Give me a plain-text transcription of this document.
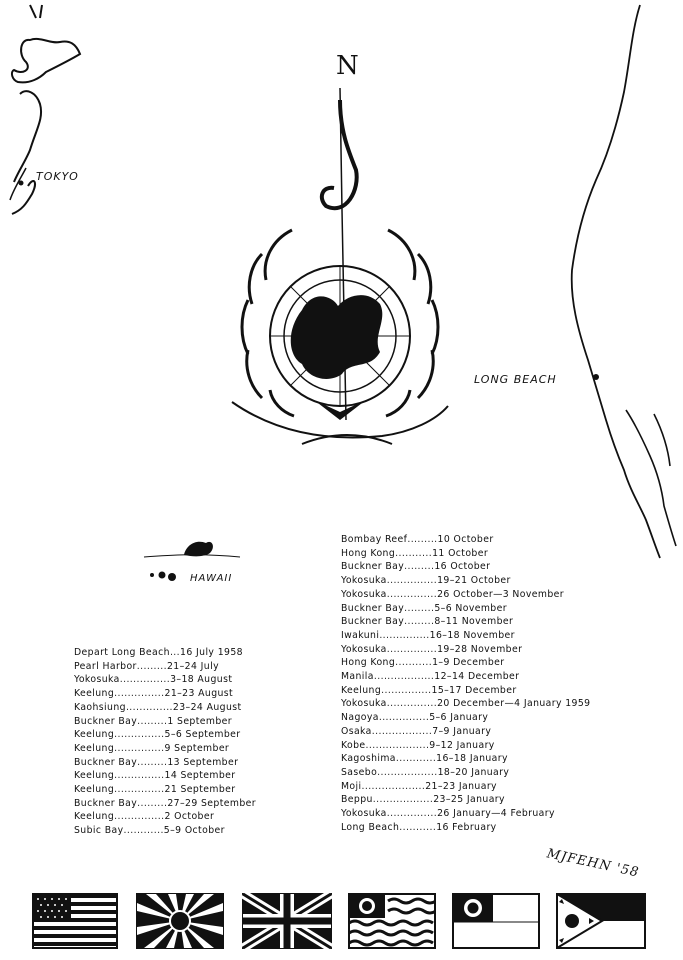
TOKYO
LONG BEACH
N
HAWAII
Depart Long Beach ... 16 July 1958
Pearl Harbor ......... 21–24 July
Yokosuka ............... 3–18 August
Keelung ............... 21–23 August
Kaohsiung .............. 23–24 August
Buckner Bay ......... 1 September
Keelung ............... 5–6 September
Keelung ............... 9 September
Buckner Bay ......... 13 September
Keelung ............... 14 September
Keelung ............... 21 September
Buckner Bay ......... 27–29 September
Keelung ............... 2 October
Subic Bay ............ 5–9 October
Bombay Reef ......... 10 October
Hong Kong ........... 11 October
Buckner Bay ......... 16 October
Yokosuka ............... 19–21 October
Yokosuka ............... 26 October—3 November
Buckner Bay ......... 5–6 November
Buckner Bay ......... 8–11 November
Iwakuni ............... 16–18 November
Yokosuka ............... 19–28 November
Hong Kong ........... 1–9 December
Manila .................. 12–14 December
Keelung ............... 15–17 December
Yokosuka ............... 20 December—4 January 1959
Nagoya ............... 5–6 January
Osaka .................. 7–9 January
Kobe ................... 9–12 January
Kagoshima ............ 16–18 January
Sasebo .................. 18–20 January
Moji ................... 21–23 January
Beppu .................. 23–25 January
Yokosuka ............... 26 January—4 February
Long Beach ........... 16 February
MJFEHN '58
